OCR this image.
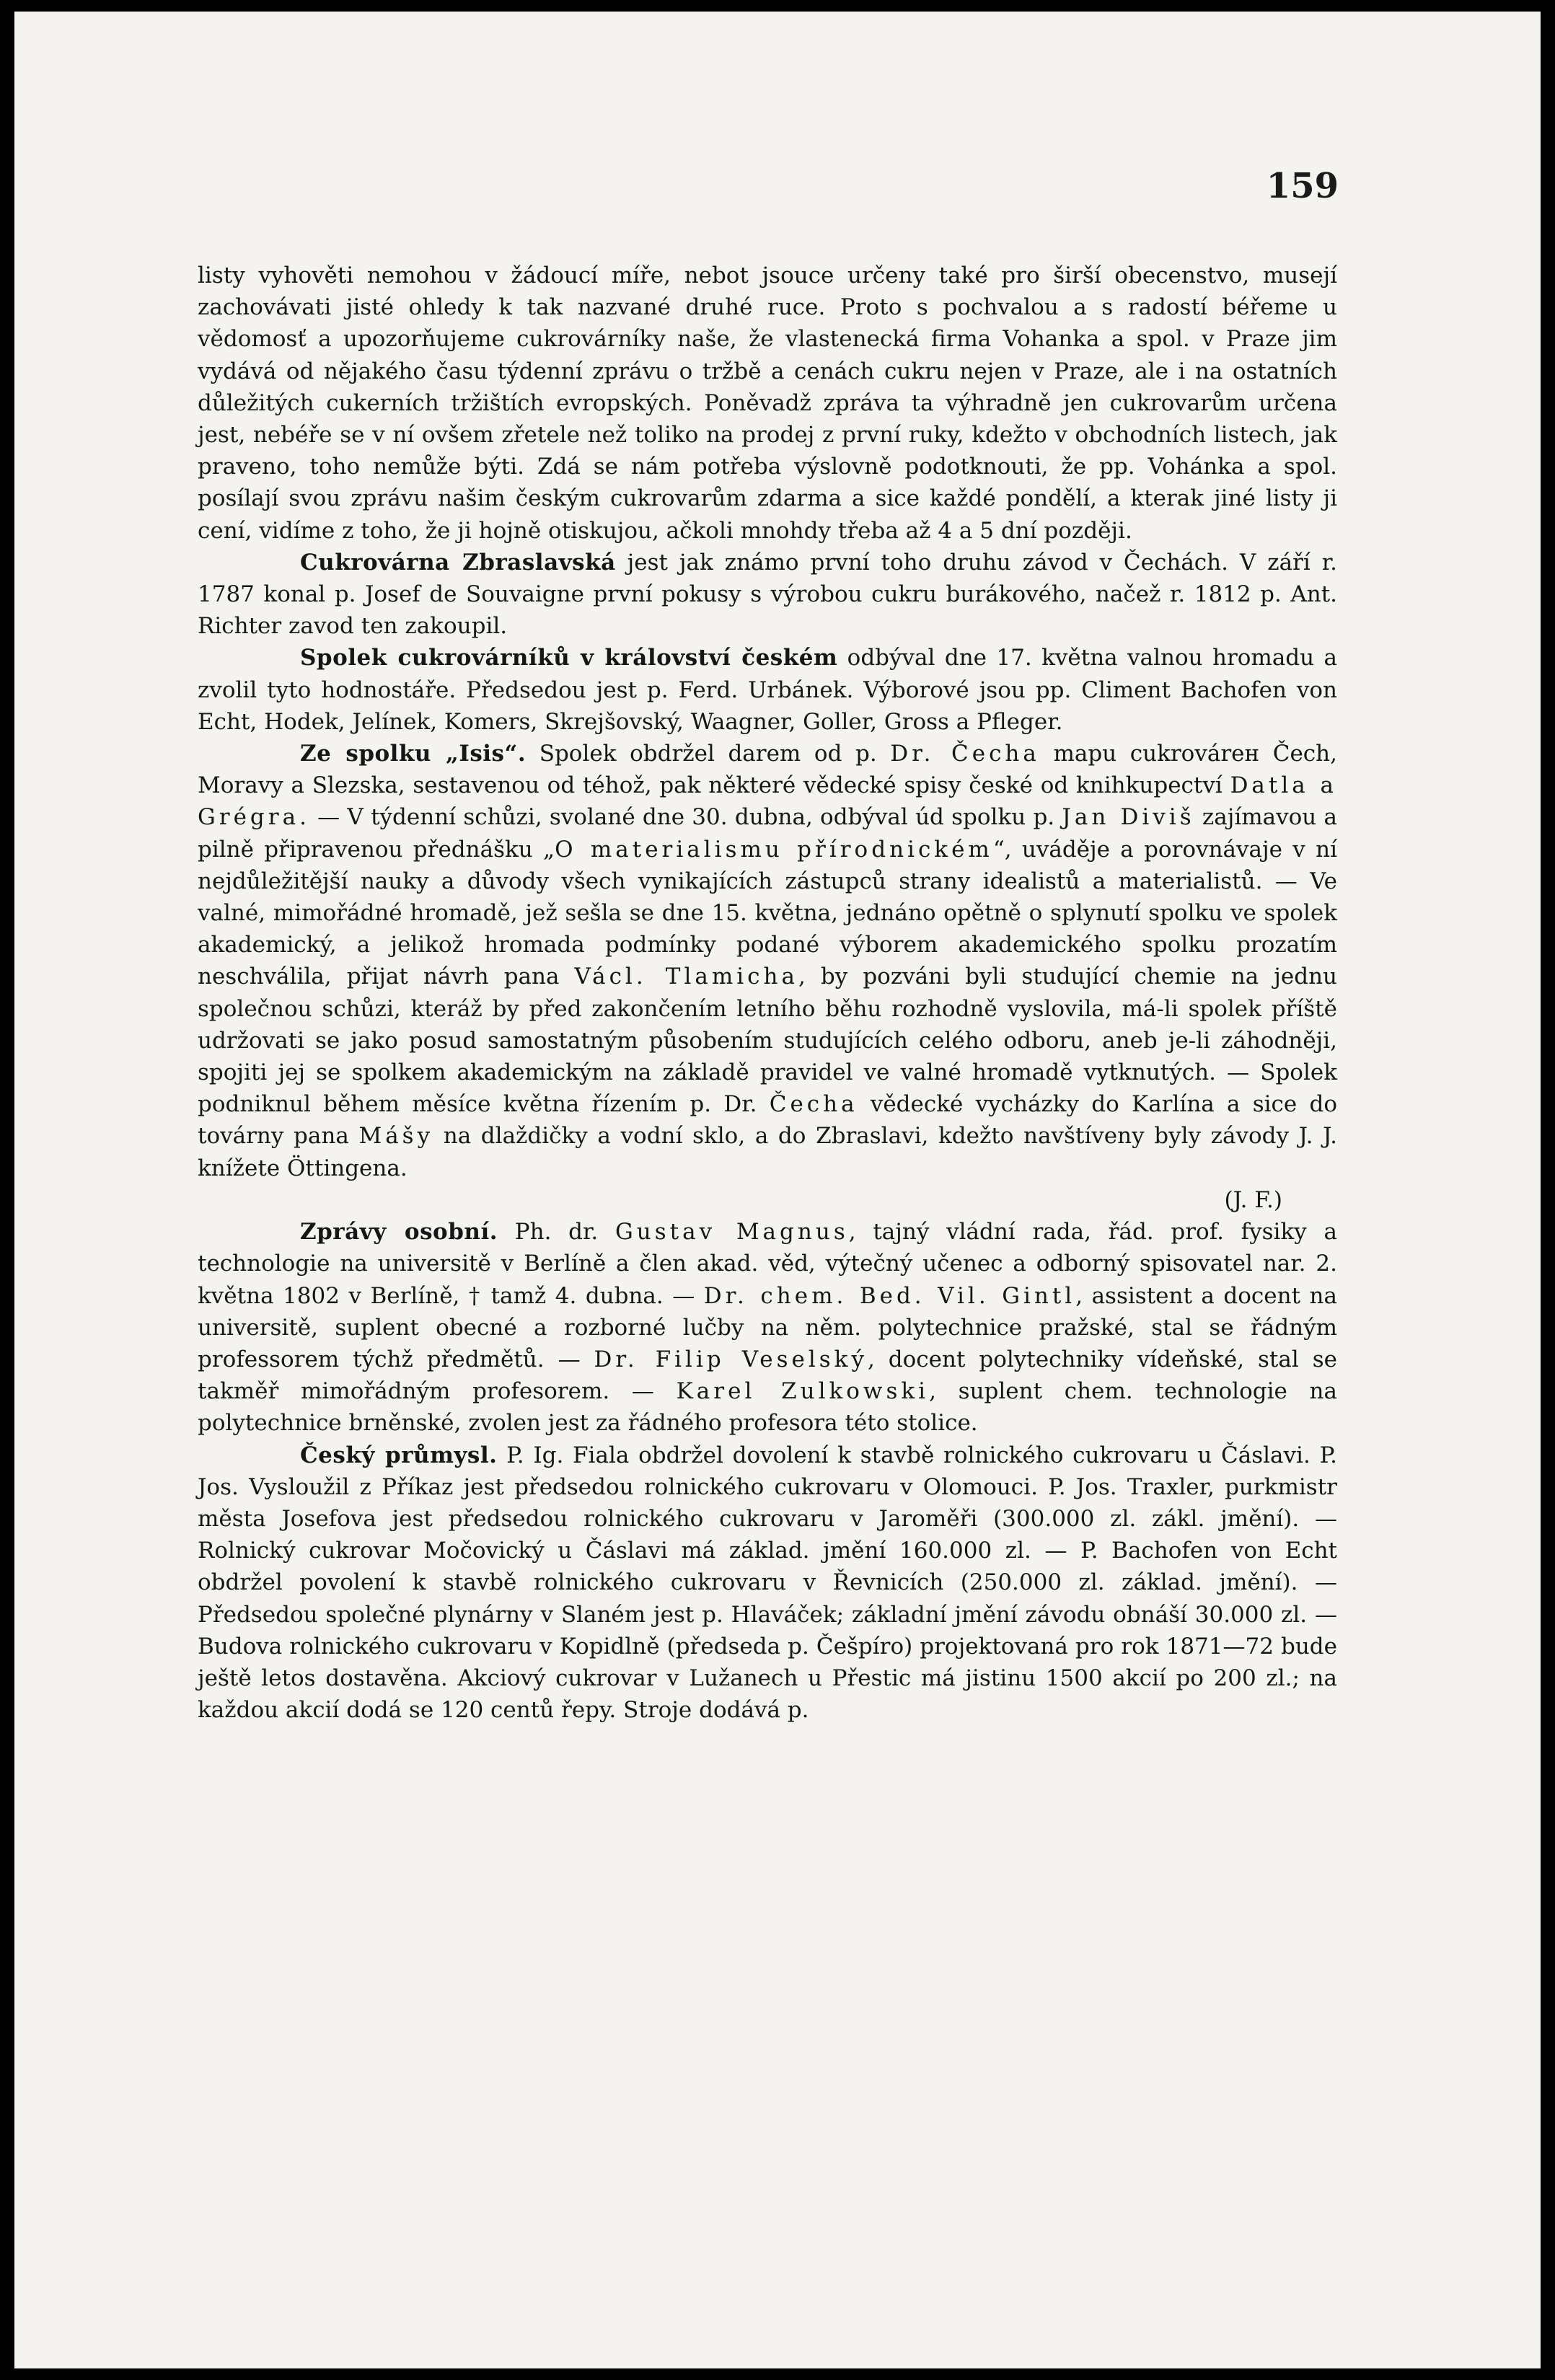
159

listy vyhověti nemohou v žádoucí míře, nebot jsouce určeny také pro širší obecenstvo, musejí zachovávati jisté ohledy k tak nazvané druhé ruce. Proto s pochvalou a s radostí béřeme u vědomosť a upozorňujeme cukrovárníky naše, že vlastenecká firma Vohanka a spol. v Praze jim vydává od nějakého času týdenní zprávu o tržbě a cenách cukru nejen v Praze, ale i na ostatních důležitých cukerních tržištích evropských. Poněvadž zpráva ta výhradně jen cukrovarům určena jest, nebéře se v ní ovšem zřetele než toliko na prodej z první ruky, kdežto v obchodních listech, jak praveno, toho nemůže býti. Zdá se nám potřeba výslovně podotknouti, že pp. Vohánka a spol. posílají svou zprávu našim českým cukrovarům zdarma a sice každé pondělí, a kterak jiné listy ji cení, vidíme z toho, že ji hojně otiskujou, ačkoli mnohdy třeba až 4 a 5 dní později.

Cukrovárna Zbraslavská jest jak známo první toho druhu závod v Čechách. V září r. 1787 konal p. Josef de Souvaigne první pokusy s výrobou cukru burákového, načež r. 1812 p. Ant. Richter zavod ten zakoupil.

Spolek cukrovárníků v království českém odbýval dne 17. května valnou hromadu a zvolil tyto hodnostáře. Předsedou jest p. Ferd. Urbánek. Výborové jsou pp. Climent Bachofen von Echt, Hodek, Jelínek, Komers, Skrejšovský, Waagner, Goller, Gross a Pfleger.

Ze spolku „Isis“. Spolek obdržel darem od p. Dr. Čecha mapu cukrovárен Čech, Moravy a Slezska, sestavenou od téhož, pak některé vědecké spisy české od knihkupectví Datla a Grégra. — V týdenní schůzi, svolané dne 30. dubna, odbýval úd spolku p. Jan Diviš zajímavou a pilně připravenou přednášku „O materialismu přírodnickém“, uváděje a porovnávaje v ní nejdůležitější nauky a důvody všech vynikajících zástupců strany idealistů a materialistů. — Ve valné, mimořádné hromadě, jež sešla se dne 15. května, jednáno opětně o splynutí spolku ve spolek akademický, a jelikož hromada podmínky podané výborem akademického spolku prozatím neschválila, přijat návrh pana Václ. Tlamicha, by pozváni byli studující chemie na jednu společnou schůzi, kteráž by před zakončením letního běhu rozhodně vyslovila, má-li spolek příště udržovati se jako posud samostatným působením studujících celého odboru, aneb je-li záhodněji, spojiti jej se spolkem akademickým na základě pravidel ve valné hromadě vytknutých. — Spolek podniknul během měsíce května řízením p. Dr. Čecha vědecké vycházky do Karlína a sice do továrny pana Mášy na dlaždičky a vodní sklo, a do Zbraslavi, kdežto navštíveny byly závody J. J. knížete Öttingena.
(J. F.)

Zprávy osobní. Ph. dr. Gustav Magnus, tajný vládní rada, řád. prof. fysiky a technologie na universitě v Berlíně a člen akad. věd, výtečný učenec a odborný spisovatel nar. 2. května 1802 v Berlíně, † tamž 4. dubna. — Dr. chem. Bed. Vil. Gintl, assistent a docent na universitě, suplent obecné a rozborné lučby na něm. polytechnice pražské, stal se řádným professorem týchž předmětů. — Dr. Filip Veselský, docent polytechniky vídeňské, stal se takměř mimořádným profesorem. — Karel Zulkowski, suplent chem. technologie na polytechnice brněnské, zvolen jest za řádného profesora této stolice.

Český průmysl. P. Ig. Fiala obdržel dovolení k stavbě rolnického cukrovaru u Čáslavi. P. Jos. Vysloužil z Příkaz jest předsedou rolnického cukrovaru v Olomouci. P. Jos. Traxler, purkmistr města Josefova jest předsedou rolnického cukrovaru v Jaroměři (300.000 zl. zákl. jmění). — Rolnický cukrovar Močovický u Čáslavi má základ. jmění 160.000 zl. — P. Bachofen von Echt obdržel povolení k stavbě rolnického cukrovaru v Řevnicích (250.000 zl. základ. jmění). — Předsedou společné plynárny v Slaném jest p. Hlaváček; základní jmění závodu obnáší 30.000 zl. — Budova rolnického cukrovaru v Kopidlně (předseda p. Češpíro) projektovaná pro rok 1871—72 bude ještě letos dostavěna. Akciový cukrovar v Lužanech u Přestic má jistinu 1500 akcií po 200 zl.; na každou akcií dodá se 120 centů řepy. Stroje dodává p.
